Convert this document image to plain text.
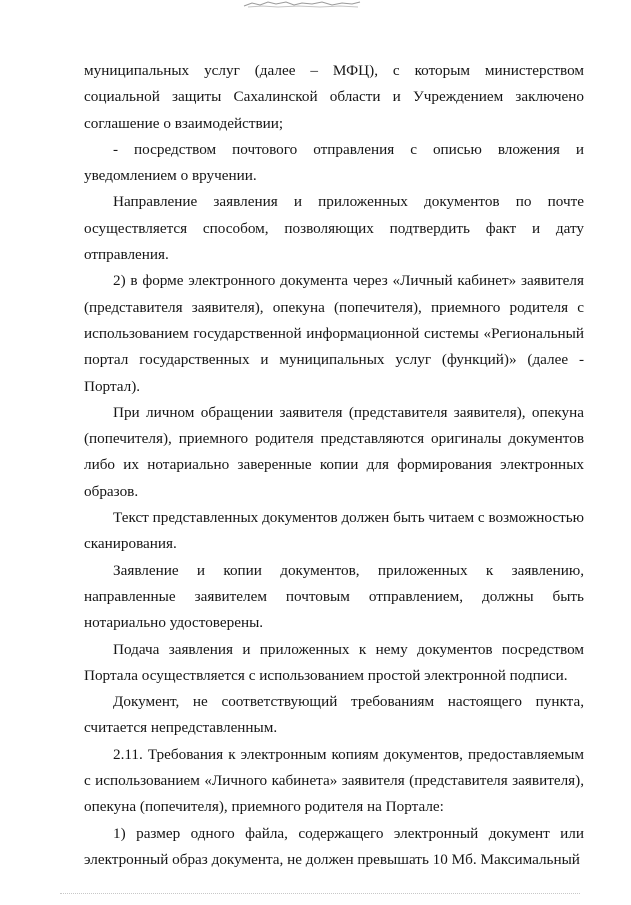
муниципальных услуг (далее – МФЦ), с которым министерством социальной защиты Сахалинской области и Учреждением заключено соглашение о взаимодействии;

- посредством почтового отправления с описью вложения и уведомлением о вручении.

Направление заявления и приложенных документов по почте осуществляется способом, позволяющих подтвердить факт и дату отправления.

2) в форме электронного документа через «Личный кабинет» заявителя (представителя заявителя), опекуна (попечителя), приемного родителя с использованием государственной информационной системы «Региональный портал государственных и муниципальных услуг (функций)» (далее - Портал).

При личном обращении заявителя (представителя заявителя), опекуна (попечителя), приемного родителя представляются оригиналы документов либо их нотариально заверенные копии для формирования электронных образов.

Текст представленных документов должен быть читаем с возможностью сканирования.

Заявление и копии документов, приложенных к заявлению, направленные заявителем почтовым отправлением, должны быть нотариально удостоверены.

Подача заявления и приложенных к нему документов посредством Портала осуществляется с использованием простой электронной подписи.

Документ, не соответствующий требованиям настоящего пункта, считается непредставленным.

2.11. Требования к электронным копиям документов, предоставляемым с использованием «Личного кабинета» заявителя (представителя заявителя), опекуна (попечителя), приемного родителя на Портале:

1) размер одного файла, содержащего электронный документ или электронный образ документа, не должен превышать 10 Мб. Максимальный
